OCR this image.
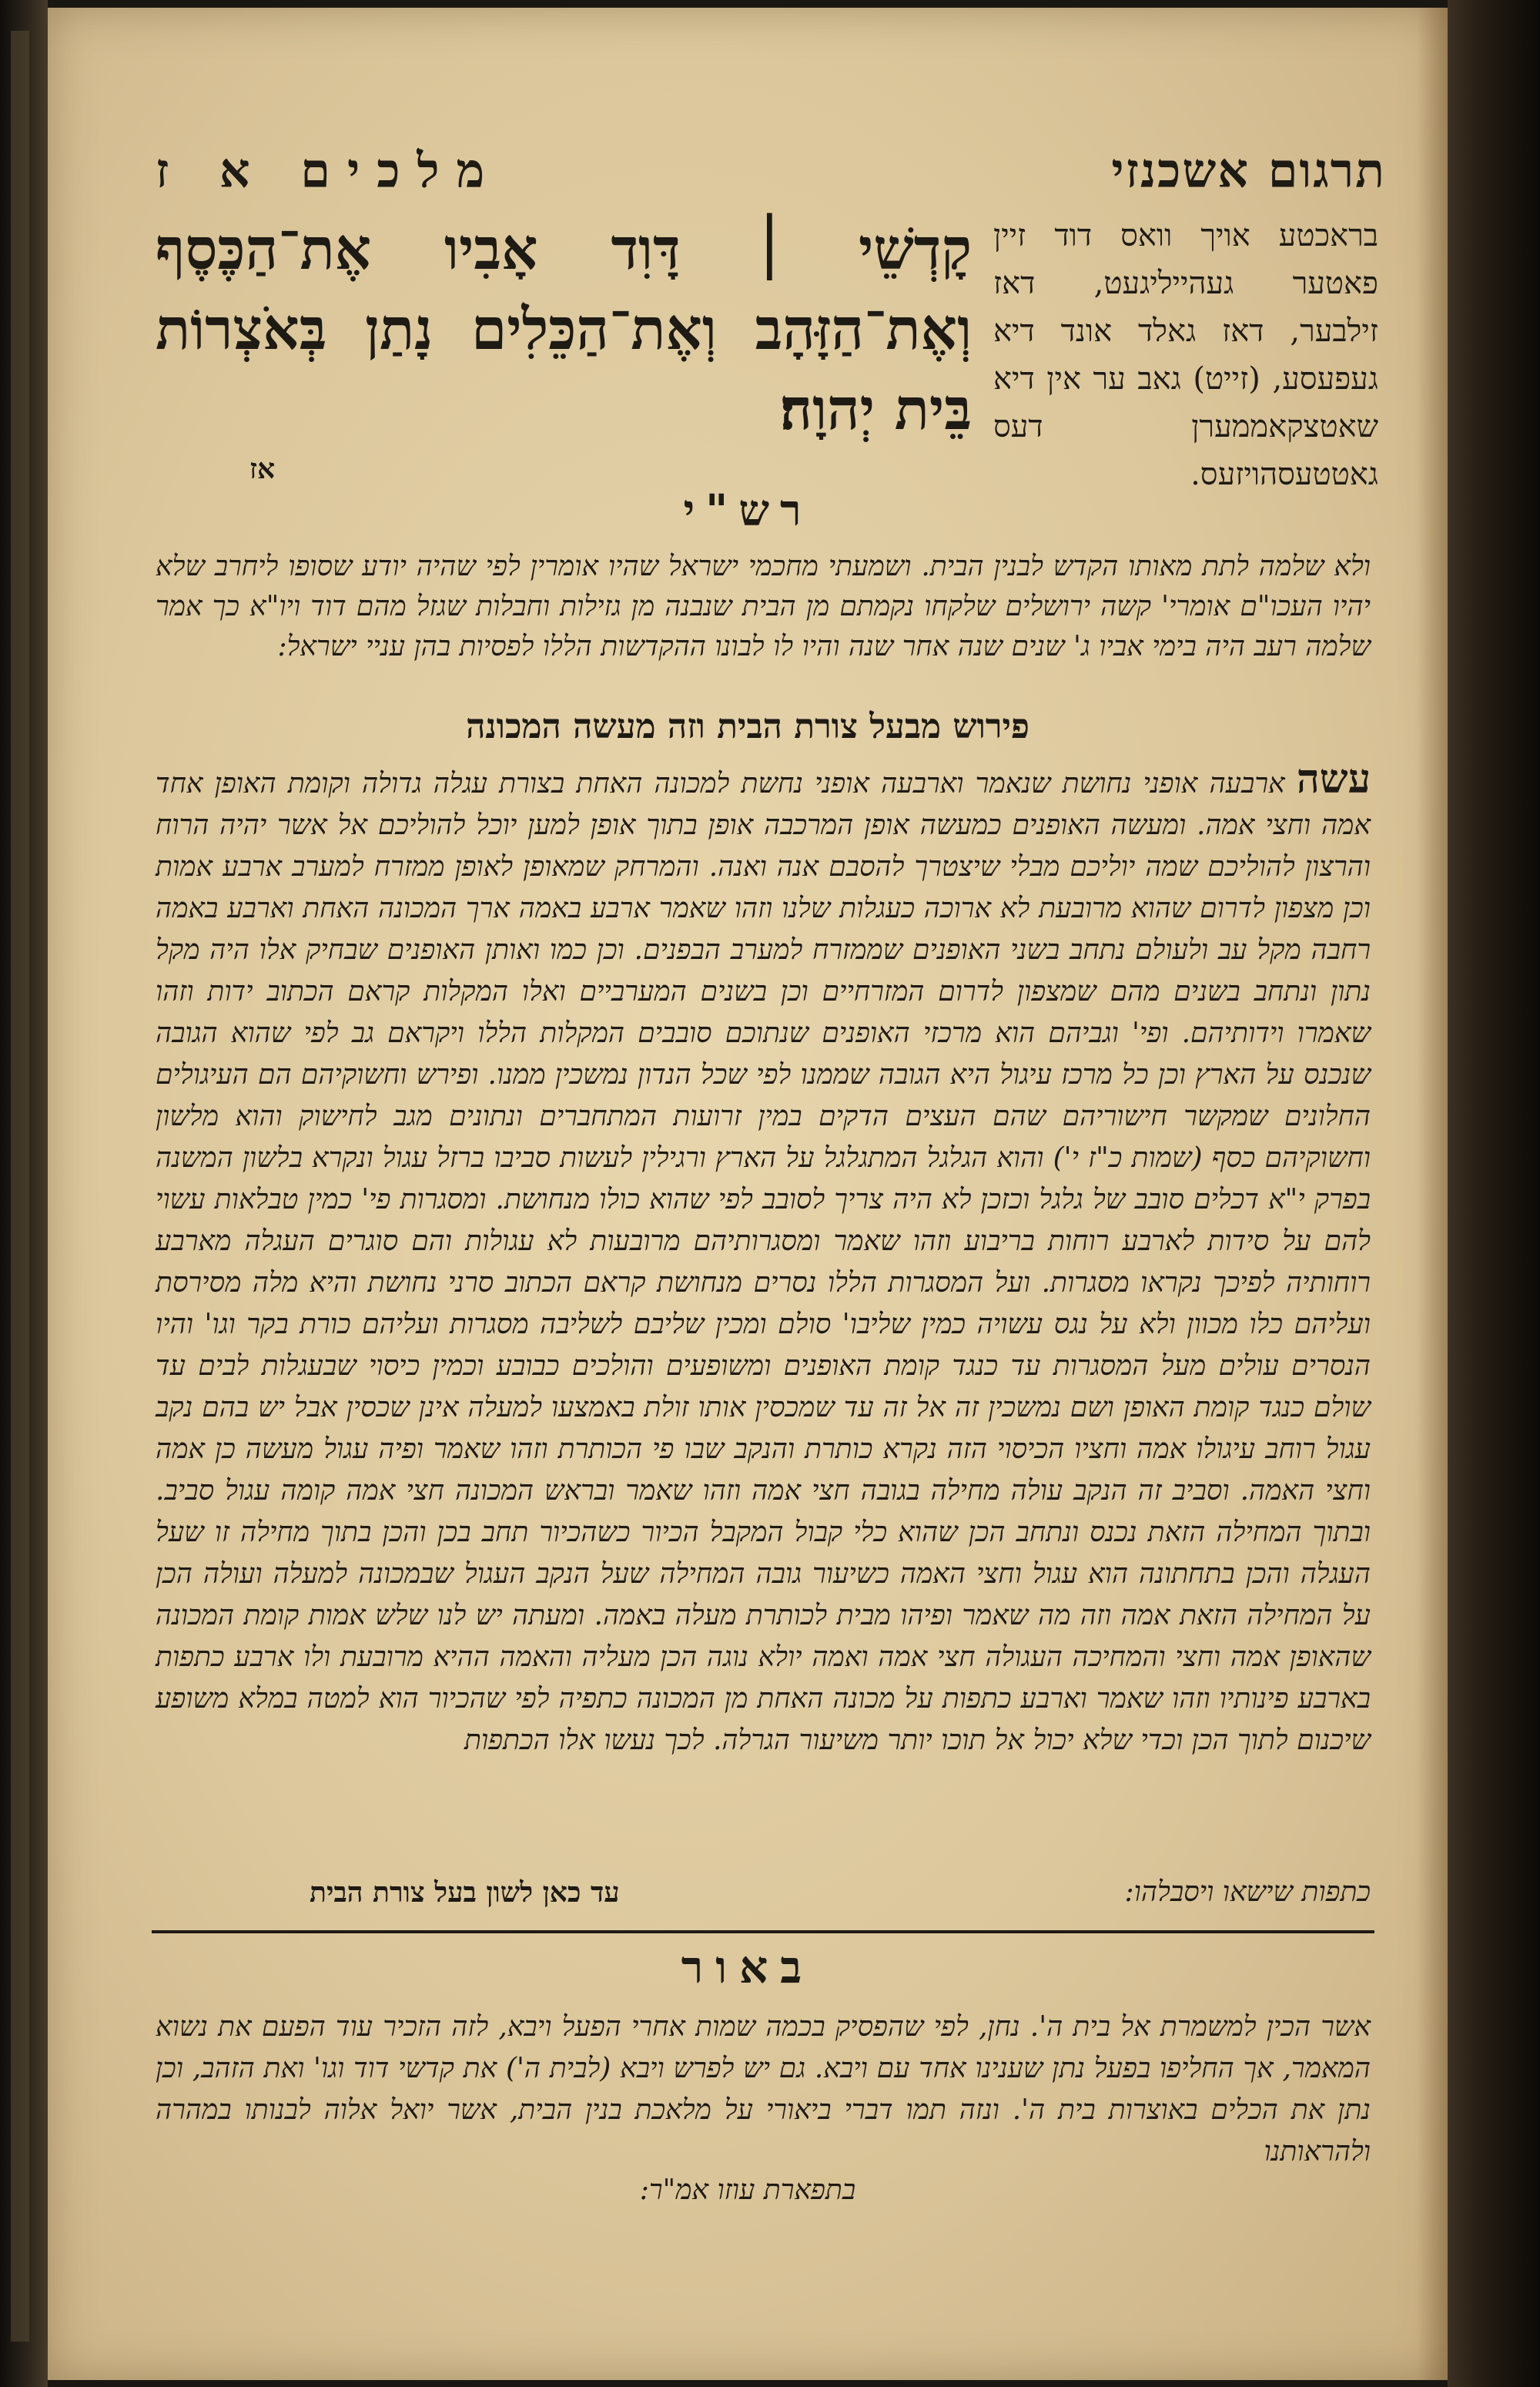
תרגום אשכנזי
מלכים א ז
בראכטע אויך וואס דוד זיין פאטער געהייליגעט, דאז זילבער, דאז גאלד אונד דיא געפעסע, (זייט) גאב ער אין דיא שאטצקאממערן דעס גאטטעסהויזעס.
קָדְשֵׁי ׀ דָּוִד אָבִיו אֶת־הַכֶּסֶף וְאֶת־הַזָּהָב וְאֶת־הַכֵּלִים נָתַן בְּאֹצְרוֹת בֵּית יְהוָה׃
אז
רש"י
ולא שלמה לתת מאותו הקדש לבנין הבית. ושמעתי מחכמי ישראל שהיו אומרין לפי שהיה יודע שסופו ליחרב שלא יהיו העכו"ם אומרי' קשה ירושלים שלקחו נקמתם מן הבית שנבנה מן גזילות וחבלות שגזל מהם דוד ויו"א כך אמר שלמה רעב היה בימי אביו ג' שנים שנה אחר שנה והיו לו לבונו ההקדשות הללו לפסיות בהן עניי ישראל:
פירוש מבעל צורת הבית וזה מעשה המכונה
עשה ארבעה אופני נחושת שנאמר וארבעה אופני נחשת למכונה האחת בצורת עגלה גדולה וקומת האופן אחד אמה וחצי אמה. ומעשה האופנים כמעשה אופן המרכבה אופן בתוך אופן למען יוכל להוליכם אל אשר יהיה הרוח והרצון להוליכם שמה יוליכם מבלי שיצטרך להסבם אנה ואנה. והמרחק שמאופן לאופן ממזרח למערב ארבע אמות וכן מצפון לדרום שהוא מרובעת לא ארוכה כעגלות שלנו וזהו שאמר ארבע באמה ארך המכונה האחת וארבע באמה רחבה מקל עב ולעולם נתחב בשני האופנים שממזרח למערב הבפנים. וכן כמו ואותן האופנים שבחיק אלו היה מקל נתון ונתחב בשנים מהם שמצפון לדרום המזרחיים וכן בשנים המערביים ואלו המקלות קראם הכתוב ידות וזהו שאמרו וידותיהם. ופי' וגביהם הוא מרכזי האופנים שנתוכם סובבים המקלות הללו ויקראם גב לפי שהוא הגובה שנכנס על הארץ וכן כל מרכז עיגול היא הגובה שממנו לפי שכל הנדון נמשכין ממנו. ופירש וחשוקיהם הם העיגולים החלונים שמקשר חישוריהם שהם העצים הדקים במין זרועות המתחברים ונתונים מגב לחישוק והוא מלשון וחשוקיהם כסף (שמות כ"ז י') והוא הגלגל המתגלגל על הארץ ורגילין לעשות סביבו ברזל עגול ונקרא בלשון המשנה בפרק י"א דכלים סובב של גלגל וכזכן לא היה צריך לסובב לפי שהוא כולו מנחושת. ומסגרות פי' כמין טבלאות עשוי להם על סידות לארבע רוחות בריבוע וזהו שאמר ומסגרותיהם מרובעות לא עגולות והם סוגרים העגלה מארבע רוחותיה לפיכך נקראו מסגרות. ועל המסגרות הללו נסרים מנחושת קראם הכתוב סרני נחושת והיא מלה מסירסת ועליהם כלו מכוון ולא על נגס עשויה כמין שליבו' סולם ומכין שליבם לשליבה מסגרות ועליהם כורת בקר וגו' והיו הנסרים עולים מעל המסגרות עד כנגד קומת האופנים ומשופעים והולכים כבובע וכמין כיסוי שבעגלות לבים עד שולם כנגד קומת האופן ושם נמשכין זה אל זה עד שמכסין אותו זולת באמצעו למעלה אינן שכסין אבל יש בהם נקב עגול רוחב עיגולו אמה וחציו הכיסוי הזה נקרא כותרת והנקב שבו פי הכותרת וזהו שאמר ופיה עגול מעשה כן אמה וחצי האמה. וסביב זה הנקב עולה מחילה בגובה חצי אמה וזהו שאמר ובראש המכונה חצי אמה קומה עגול סביב. ובתוך המחילה הזאת נכנס ונתחב הכן שהוא כלי קבול המקבל הכיור כשהכיור תחב בכן והכן בתוך מחילה זו שעל העגלה והכן בתחתונה הוא עגול וחצי האמה כשיעור גובה המחילה שעל הנקב העגול שבמכונה למעלה ועולה הכן על המחילה הזאת אמה וזה מה שאמר ופיהו מבית לכותרת מעלה באמה. ומעתה יש לנו שלש אמות קומת המכונה שהאופן אמה וחצי והמחיכה העגולה חצי אמה ואמה יולא נוגה הכן מעליה והאמה ההיא מרובעת ולו ארבע כתפות בארבע פינותיו וזהו שאמר וארבע כתפות על מכונה האחת מן המכונה כתפיה לפי שהכיור הוא למטה במלא משופע שיכנום לתוך הכן וכדי שלא יכול אל תוכו יותר משיעור הגרלה. לכך נעשו אלו הכתפות
כתפות שישאו ויסבלהו:
עד כאן לשון בעל צורת הבית
באור
אשר הכין למשמרת אל בית ה'. נחן, לפי שהפסיק בכמה שמות אחרי הפעל ויבא, לזה הזכיר עוד הפעם את נשוא המאמר, אך החליפו בפעל נתן שענינו אחד עם ויבא. גם יש לפרש ויבא (לבית ה') את קדשי דוד וגו' ואת הזהב, וכן נתן את הכלים באוצרות בית ה'. ונזה תמו דברי ביאורי על מלאכת בנין הבית, אשר יואל אלוה לבנותו במהרה ולהראותנו
בתפארת עוזו אמ"ר:
